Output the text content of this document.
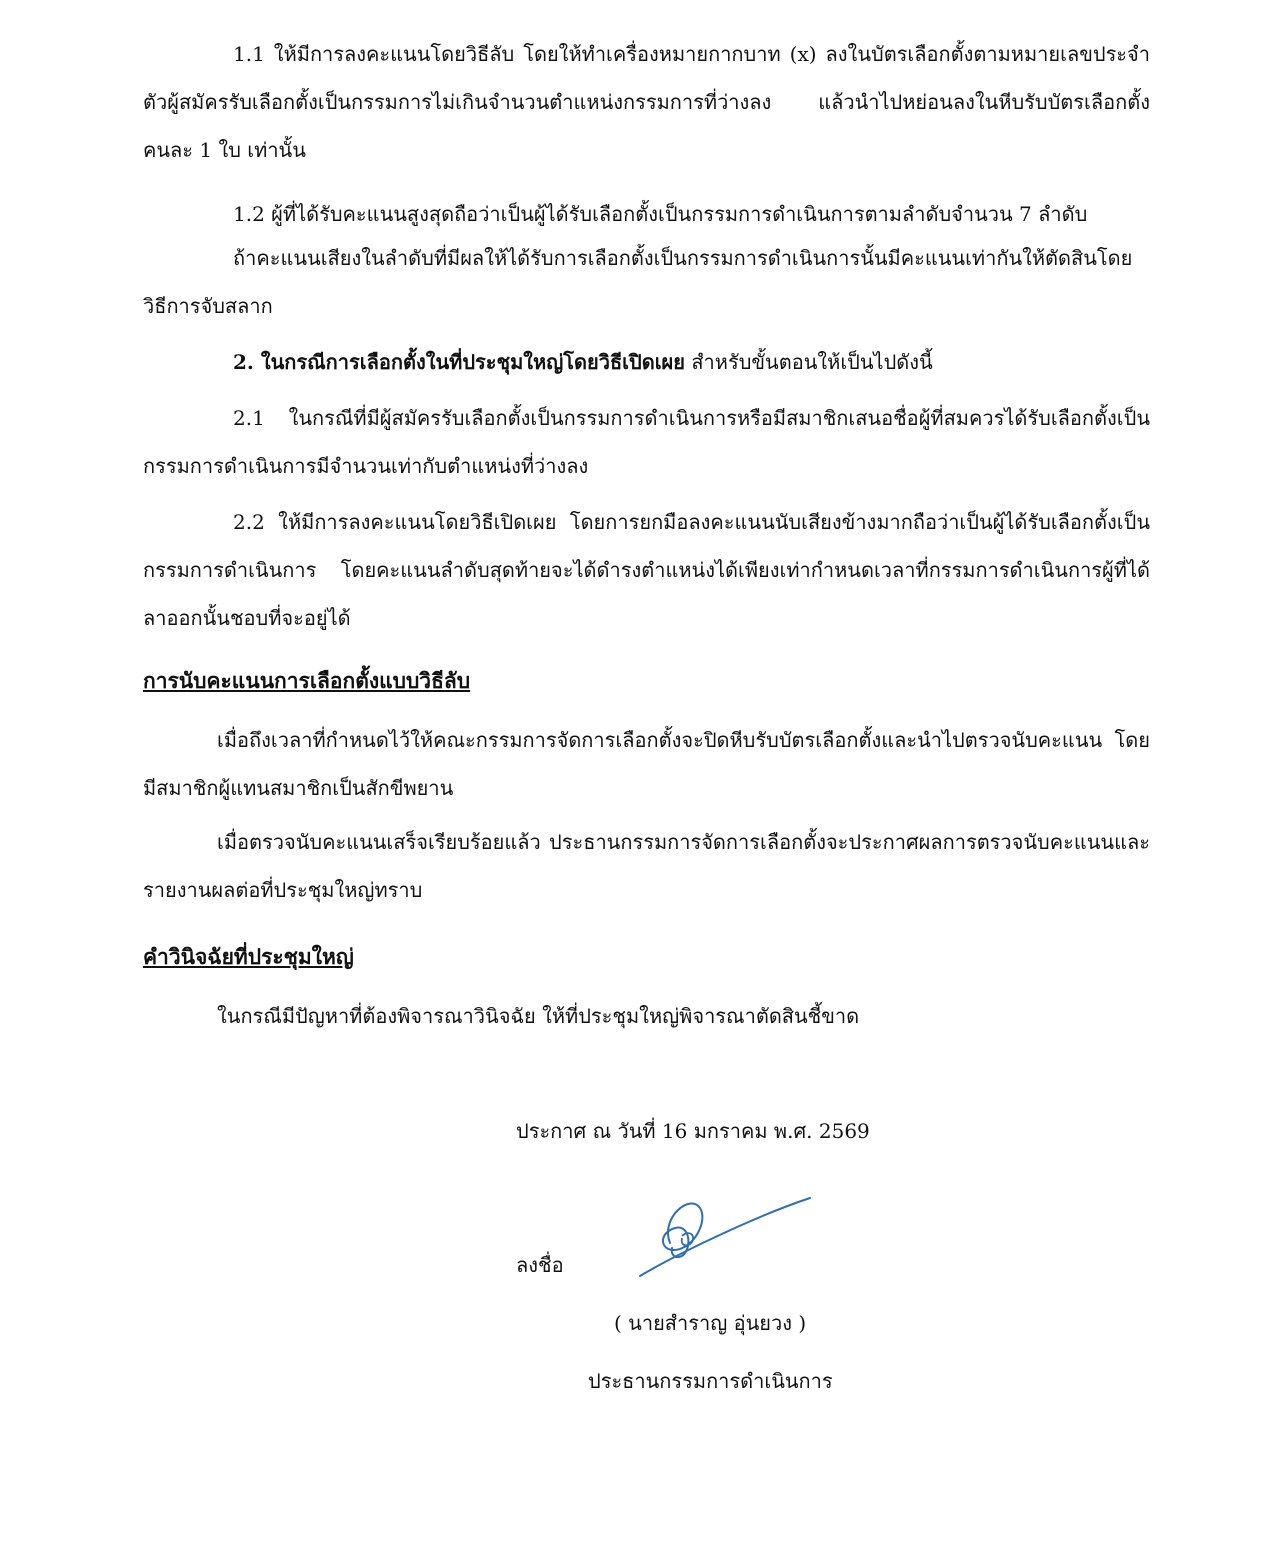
1.1 ให้มีการลงคะแนนโดยวิธีลับ โดยให้ทำเครื่องหมายกากบาท (x) ลงในบัตรเลือกตั้งตามหมายเลขประจำตัวผู้สมัครรับเลือกตั้งเป็นกรรมการไม่เกินจำนวนตำแหน่งกรรมการที่ว่างลง แล้วนำไปหย่อนลงในหีบรับบัตรเลือกตั้ง คนละ 1 ใบ เท่านั้น

1.2 ผู้ที่ได้รับคะแนนสูงสุดถือว่าเป็นผู้ได้รับเลือกตั้งเป็นกรรมการดำเนินการตามลำดับจำนวน 7 ลำดับ

ถ้าคะแนนเสียงในลำดับที่มีผลให้ได้รับการเลือกตั้งเป็นกรรมการดำเนินการนั้นมีคะแนนเท่ากันให้ตัดสินโดยวิธีการจับสลาก

2. ในกรณีการเลือกตั้งในที่ประชุมใหญ่โดยวิธีเปิดเผย สำหรับขั้นตอนให้เป็นไปดังนี้

2.1 ในกรณีที่มีผู้สมัครรับเลือกตั้งเป็นกรรมการดำเนินการหรือมีสมาชิกเสนอชื่อผู้ที่สมควรได้รับเลือกตั้งเป็นกรรมการดำเนินการมีจำนวนเท่ากับตำแหน่งที่ว่างลง

2.2 ให้มีการลงคะแนนโดยวิธีเปิดเผย โดยการยกมือลงคะแนนนับเสียงข้างมากถือว่าเป็นผู้ได้รับเลือกตั้งเป็นกรรมการดำเนินการ โดยคะแนนลำดับสุดท้ายจะได้ดำรงตำแหน่งได้เพียงเท่ากำหนดเวลาที่กรรมการดำเนินการผู้ที่ได้ลาออกนั้นชอบที่จะอยู่ได้

การนับคะแนนการเลือกตั้งแบบวิธีลับ

เมื่อถึงเวลาที่กำหนดไว้ให้คณะกรรมการจัดการเลือกตั้งจะปิดหีบรับบัตรเลือกตั้งและนำไปตรวจนับคะแนน โดยมีสมาชิกผู้แทนสมาชิกเป็นสักขีพยาน

เมื่อตรวจนับคะแนนเสร็จเรียบร้อยแล้ว ประธานกรรมการจัดการเลือกตั้งจะประกาศผลการตรวจนับคะแนนและรายงานผลต่อที่ประชุมใหญ่ทราบ

คำวินิจฉัยที่ประชุมใหญ่

ในกรณีมีปัญหาที่ต้องพิจารณาวินิจฉัย ให้ที่ประชุมใหญ่พิจารณาตัดสินชี้ขาด

ประกาศ ณ วันที่ 16 มกราคม พ.ศ. 2569

ลงชื่อ

( นายสำราญ อุ่นยวง )

ประธานกรรมการดำเนินการ
